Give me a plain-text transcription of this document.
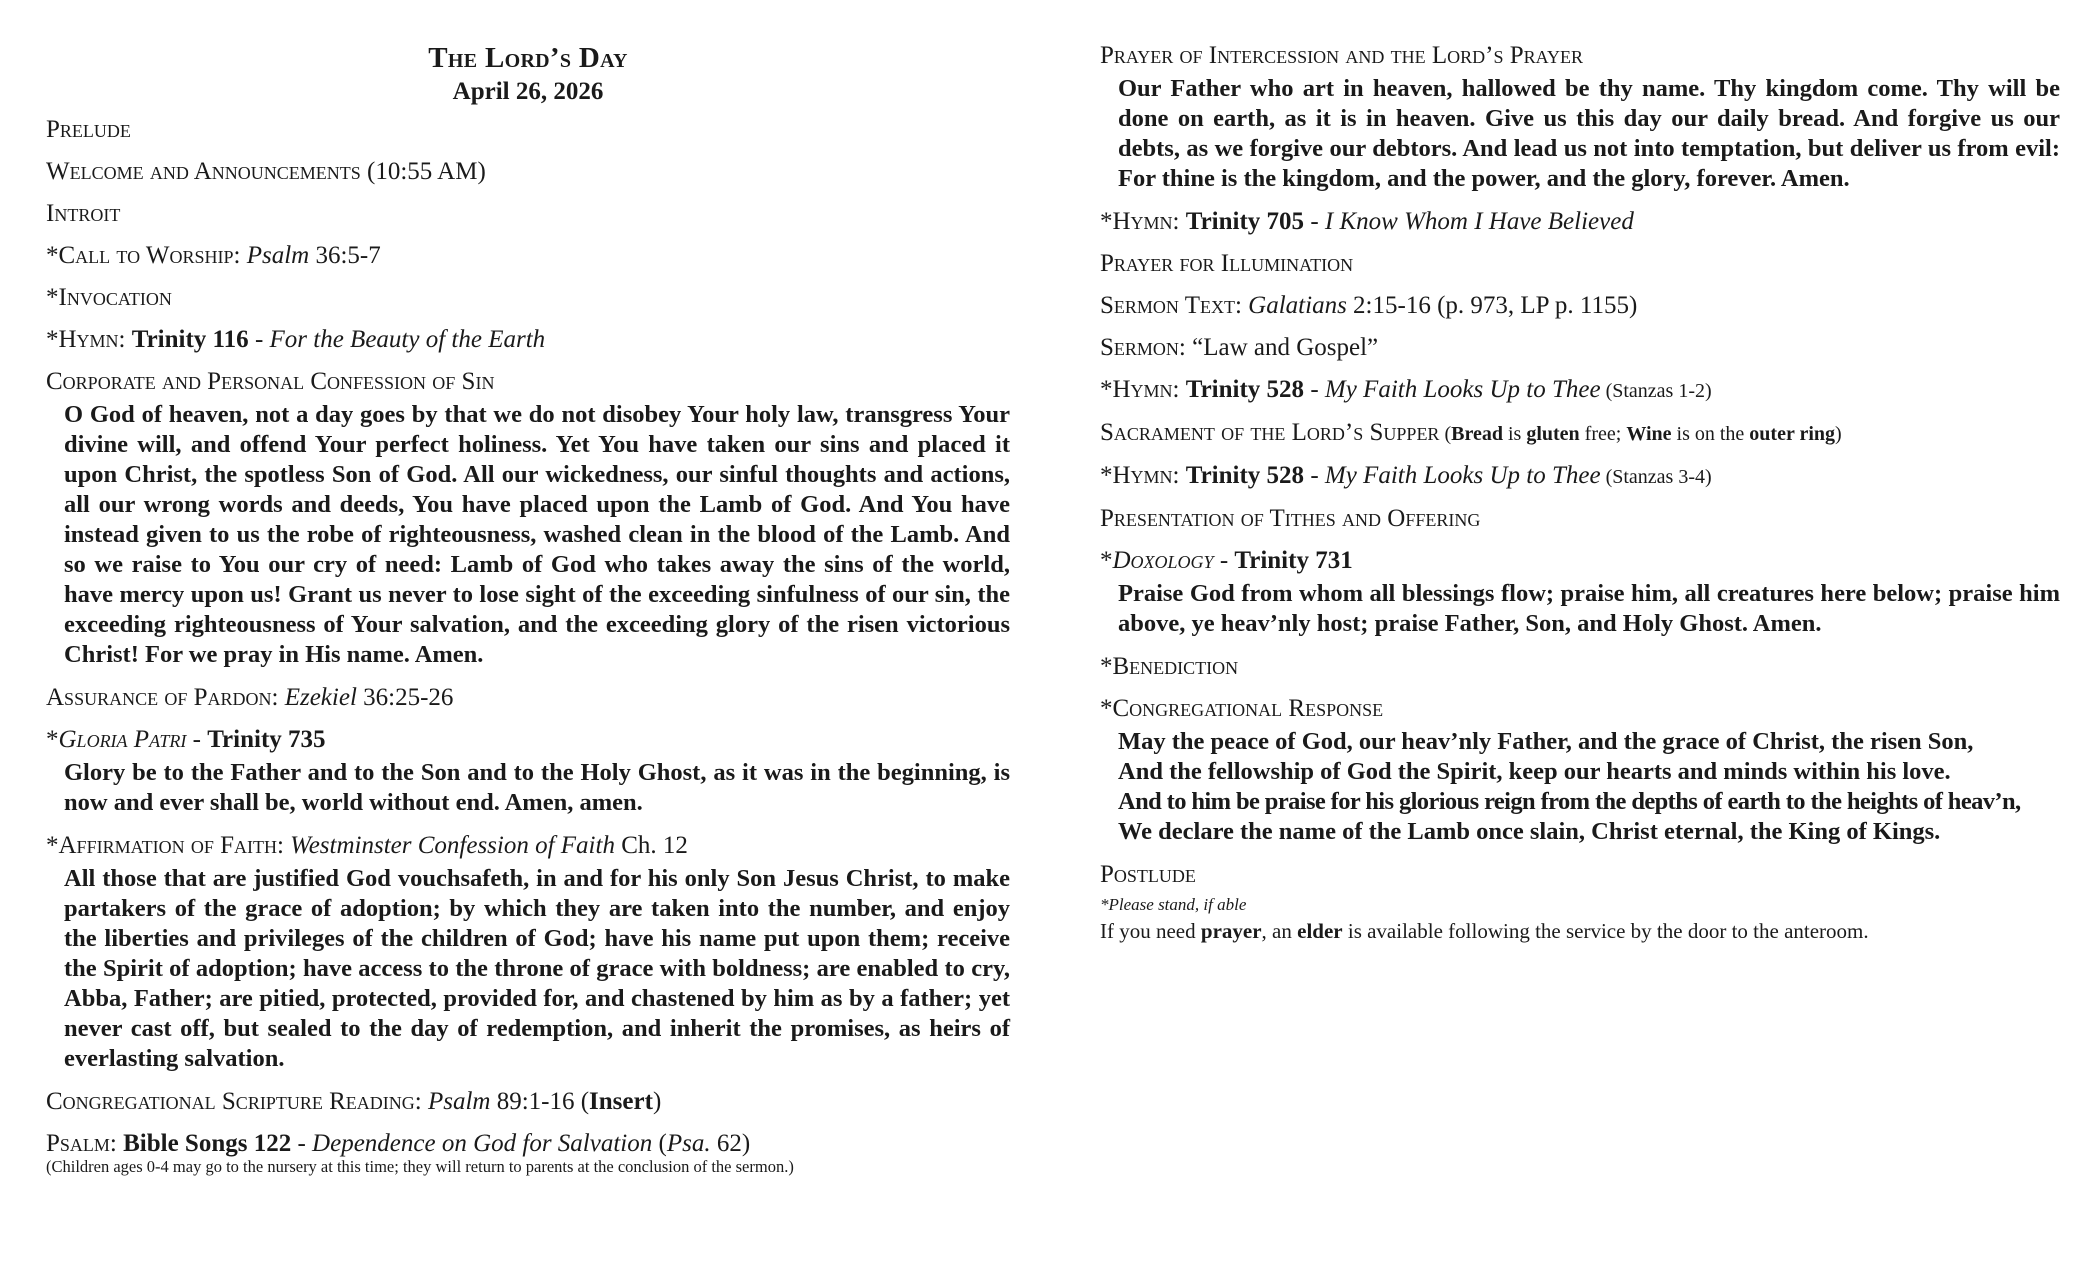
The Lord’s Day
April 26, 2026
Prelude
Welcome and Announcements (10:55 AM)
Introit
*Call to Worship: Psalm 36:5-7
*Invocation
*Hymn: Trinity 116 - For the Beauty of the Earth
Corporate and Personal Confession of Sin
O God of heaven, not a day goes by that we do not disobey Your holy law, transgress Your divine will, and offend Your perfect holiness. Yet You have taken our sins and placed it upon Christ, the spotless Son of God. All our wickedness, our sinful thoughts and actions, all our wrong words and deeds, You have placed upon the Lamb of God. And You have instead given to us the robe of righteousness, washed clean in the blood of the Lamb. And so we raise to You our cry of need: Lamb of God who takes away the sins of the world, have mercy upon us! Grant us never to lose sight of the exceeding sinfulness of our sin, the exceeding righteousness of Your salvation, and the exceeding glory of the risen victorious Christ! For we pray in His name. Amen.
Assurance of Pardon: Ezekiel 36:25-26
*Gloria Patri - Trinity 735
Glory be to the Father and to the Son and to the Holy Ghost, as it was in the beginning, is now and ever shall be, world without end. Amen, amen.
*Affirmation of Faith: Westminster Confession of Faith Ch. 12
All those that are justified God vouchsafeth, in and for his only Son Jesus Christ, to make partakers of the grace of adoption; by which they are taken into the number, and enjoy the liberties and privileges of the children of God; have his name put upon them; receive the Spirit of adoption; have access to the throne of grace with boldness; are enabled to cry, Abba, Father; are pitied, protected, provided for, and chastened by him as by a father; yet never cast off, but sealed to the day of redemption, and inherit the promises, as heirs of everlasting salvation.
Congregational Scripture Reading: Psalm 89:1-16 (Insert)
Psalm: Bible Songs 122 - Dependence on God for Salvation (Psa. 62)
(Children ages 0-4 may go to the nursery at this time; they will return to parents at the conclusion of the sermon.)
Prayer of Intercession and the Lord’s Prayer
Our Father who art in heaven, hallowed be thy name. Thy kingdom come. Thy will be done on earth, as it is in heaven. Give us this day our daily bread. And forgive us our debts, as we forgive our debtors. And lead us not into temptation, but deliver us from evil: For thine is the kingdom, and the power, and the glory, forever. Amen.
*Hymn: Trinity 705 - I Know Whom I Have Believed
Prayer for Illumination
Sermon Text: Galatians 2:15-16 (p. 973, LP p. 1155)
Sermon: “Law and Gospel”
*Hymn: Trinity 528 - My Faith Looks Up to Thee (Stanzas 1-2)
Sacrament of the Lord’s Supper (Bread is gluten free; Wine is on the outer ring)
*Hymn: Trinity 528 - My Faith Looks Up to Thee (Stanzas 3-4)
Presentation of Tithes and Offering
*Doxology - Trinity 731
Praise God from whom all blessings flow; praise him, all creatures here below; praise him above, ye heav’nly host; praise Father, Son, and Holy Ghost. Amen.
*Benediction
*Congregational Response
May the peace of God, our heav’nly Father, and the grace of Christ, the risen Son,
And the fellowship of God the Spirit, keep our hearts and minds within his love.
And to him be praise for his glorious reign from the depths of earth to the heights of heav’n,
We declare the name of the Lamb once slain, Christ eternal, the King of Kings.
Postlude
*Please stand, if able
If you need prayer, an elder is available following the service by the door to the anteroom.
